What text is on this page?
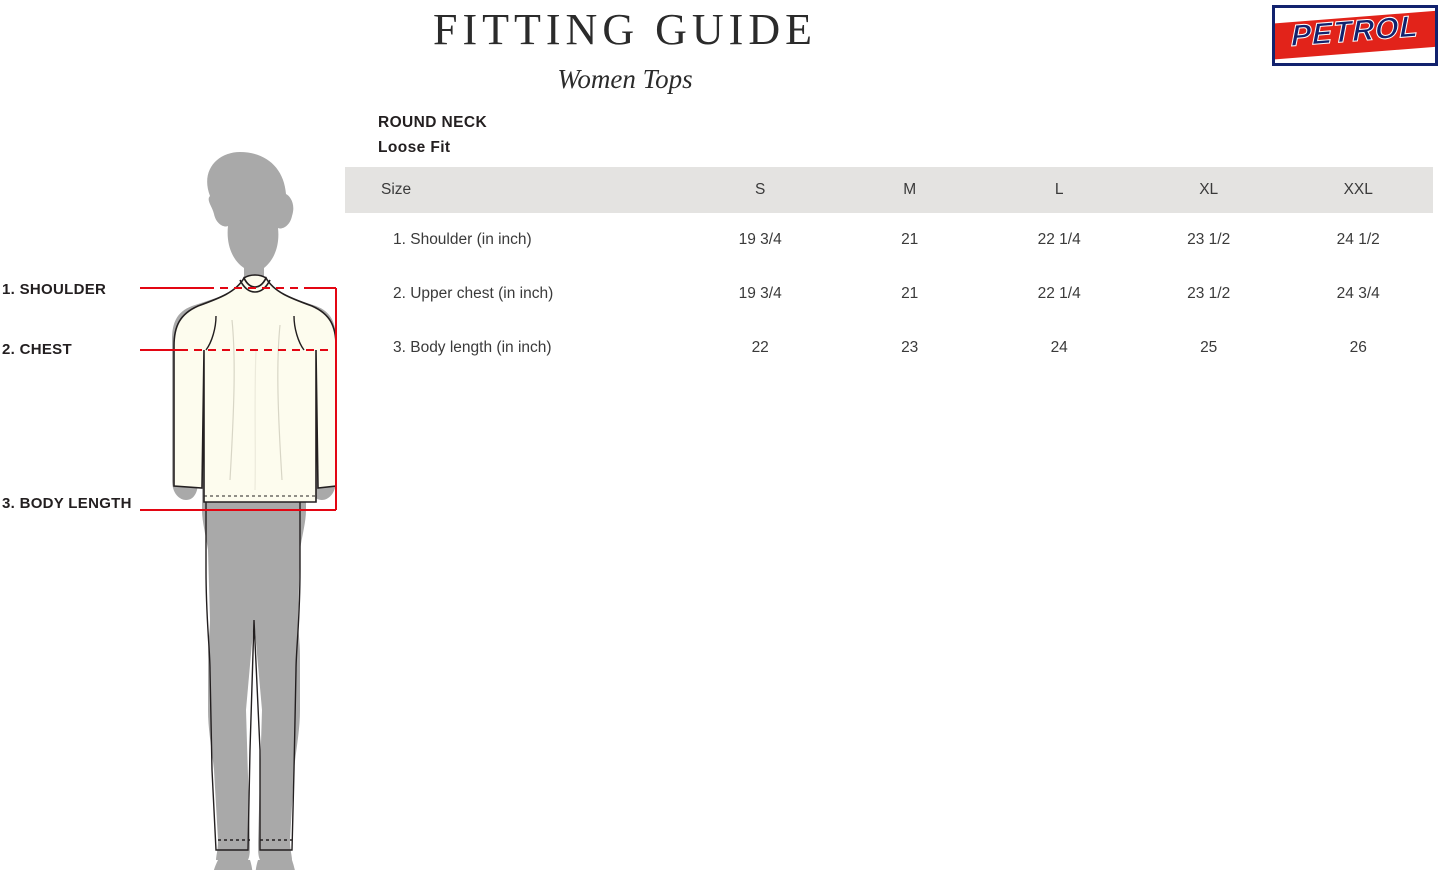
FITTING GUIDE
Women Tops
PETROL
ROUND NECK
Loose Fit
Size	S	M	L	XL	XXL
1. Shoulder (in inch)	19 3/4	21	22 1/4	23 1/2	24 1/2
2. Upper chest (in inch)	19 3/4	21	22 1/4	23 1/2	24 3/4
3. Body length (in inch)	22	23	24	25	26
1. SHOULDER
2. CHEST
3. BODY LENGTH
